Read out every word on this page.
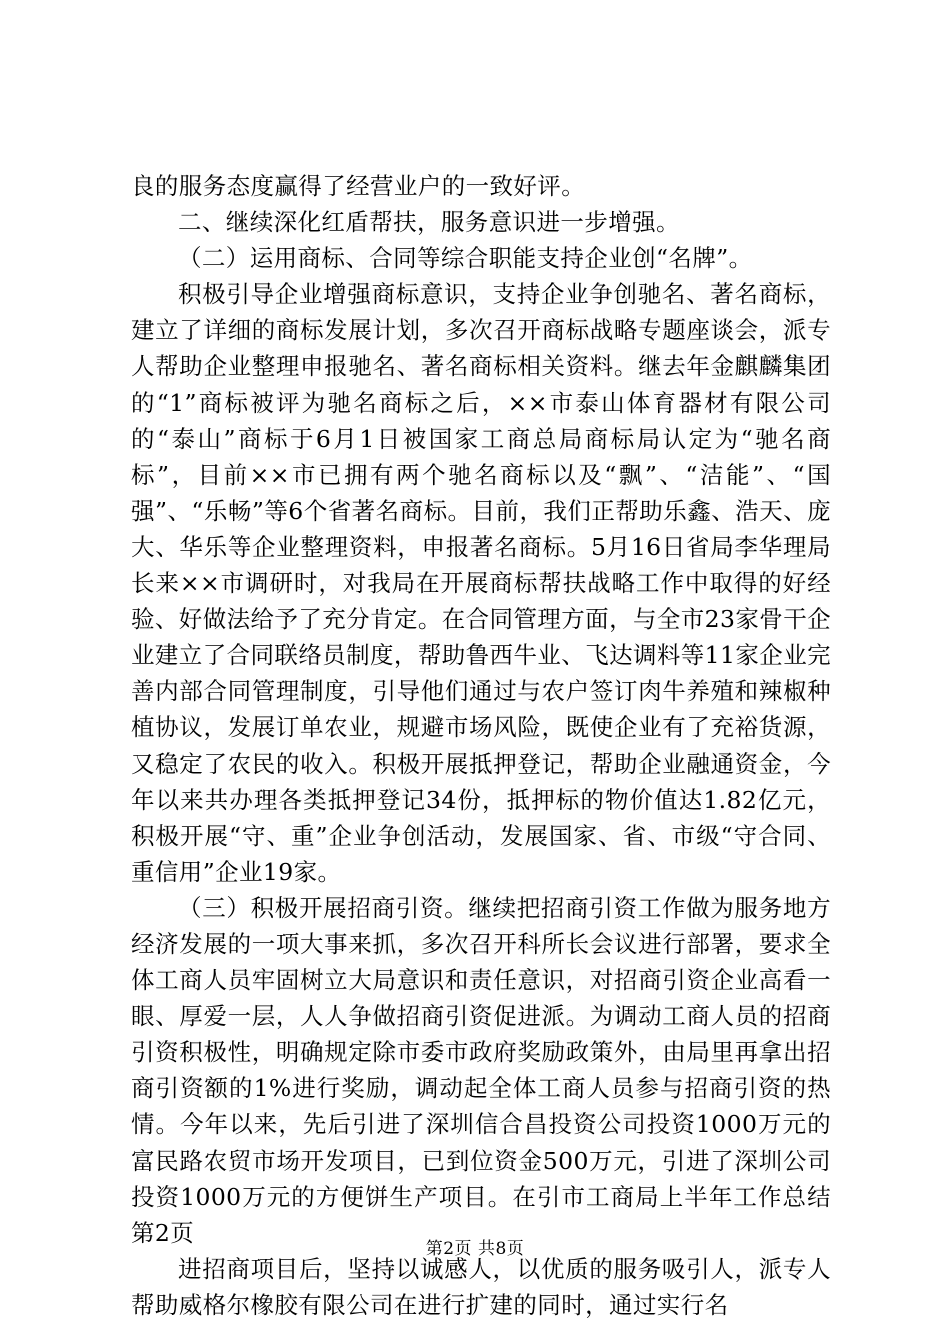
良的服务态度赢得了经营业户的一致好评。

二、继续深化红盾帮扶，服务意识进一步增强。

（二）运用商标、合同等综合职能支持企业创“名牌”。

积极引导企业增强商标意识，支持企业争创驰名、著名商标，建立了详细的商标发展计划，多次召开商标战略专题座谈会，派专人帮助企业整理申报驰名、著名商标相关资料。继去年金麒麟集团的“1”商标被评为驰名商标之后，××市泰山体育器材有限公司的“泰山”商标于6月1日被国家工商总局商标局认定为“驰名商标”，目前××市已拥有两个驰名商标以及“飘”、“洁能”、“国强”、“乐畅”等6个省著名商标。目前，我们正帮助乐鑫、浩天、庞大、华乐等企业整理资料，申报著名商标。5月16日省局李华理局长来××市调研时，对我局在开展商标帮扶战略工作中取得的好经验、好做法给予了充分肯定。在合同管理方面，与全市23家骨干企业建立了合同联络员制度，帮助鲁西牛业、飞达调料等11家企业完善内部合同管理制度，引导他们通过与农户签订肉牛养殖和辣椒种植协议，发展订单农业，规避市场风险，既使企业有了充裕货源，又稳定了农民的收入。积极开展抵押登记，帮助企业融通资金，今年以来共办理各类抵押登记34份，抵押标的物价值达1.82亿元，积极开展“守、重”企业争创活动，发展国家、省、市级“守合同、重信用”企业19家。

（三）积极开展招商引资。继续把招商引资工作做为服务地方经济发展的一项大事来抓，多次召开科所长会议进行部署，要求全体工商人员牢固树立大局意识和责任意识，对招商引资企业高看一眼、厚爱一层，人人争做招商引资促进派。为调动工商人员的招商引资积极性，明确规定除市委市政府奖励政策外，由局里再拿出招商引资额的1%进行奖励，调动起全体工商人员参与招商引资的热情。今年以来，先后引进了深圳信合昌投资公司投资1000万元的富民路农贸市场开发项目，已到位资金500万元，引进了深圳公司投资1000万元的方便饼生产项目。在引市工商局上半年工作总结第2页

进招商项目后，坚持以诚感人，以优质的服务吸引人，派专人帮助威格尔橡胶有限公司在进行扩建的同时，通过实行名

第2页 共8页
